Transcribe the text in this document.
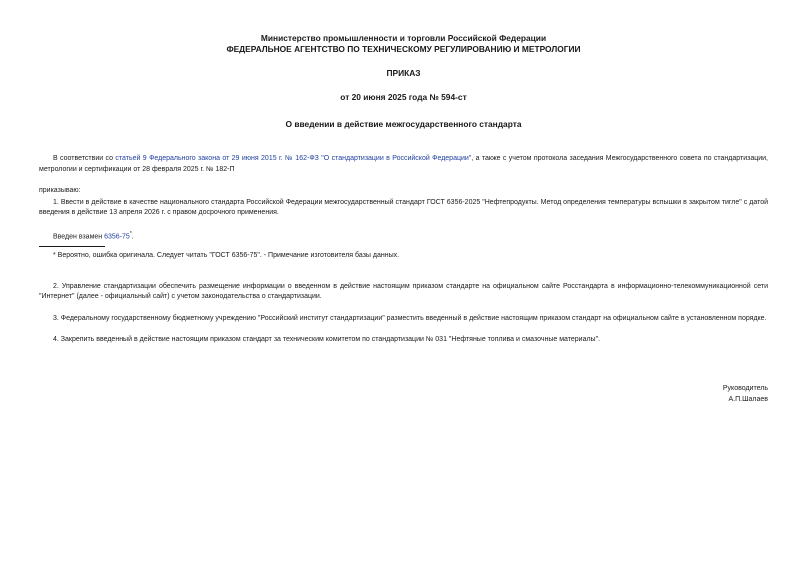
Министерство промышленности и торговли Российской Федерации
ФЕДЕРАЛЬНОЕ АГЕНТСТВО ПО ТЕХНИЧЕСКОМУ РЕГУЛИРОВАНИЮ И МЕТРОЛОГИИ
ПРИКАЗ
от 20 июня 2025 года № 594-ст
О введении в действие межгосударственного стандарта
В соответствии со статьей 9 Федерального закона от 29 июня 2015 г. № 162-ФЗ "О стандартизации в Российской Федерации", а также с учетом протокола заседания Межгосударственного совета по стандартизации, метрологии и сертификации от 28 февраля 2025 г. № 182-П
приказываю:
1. Ввести в действие в качестве национального стандарта Российской Федерации межгосударственный стандарт ГОСТ 6356-2025 "Нефтепродукты. Метод определения температуры вспышки в закрытом тигле" с датой введения в действие 13 апреля 2026 г. с правом досрочного применения.
Введен взамен 6356-75*.
* Вероятно, ошибка оригинала. Следует читать "ГОСТ 6356-75". - Примечание изготовителя базы данных.
2. Управление стандартизации обеспечить размещение информации о введенном в действие настоящим приказом стандарте на официальном сайте Росстандарта в информационно-телекоммуникационной сети "Интернет" (далее - официальный сайт) с учетом законодательства о стандартизации.
3. Федеральному государственному бюджетному учреждению "Российский институт стандартизации" разместить введенный в действие настоящим приказом стандарт на официальном сайте в установленном порядке.
4. Закрепить введенный в действие настоящим приказом стандарт за техническим комитетом по стандартизации № 031 "Нефтяные топлива и смазочные материалы".
Руководитель
А.П.Шалаев
